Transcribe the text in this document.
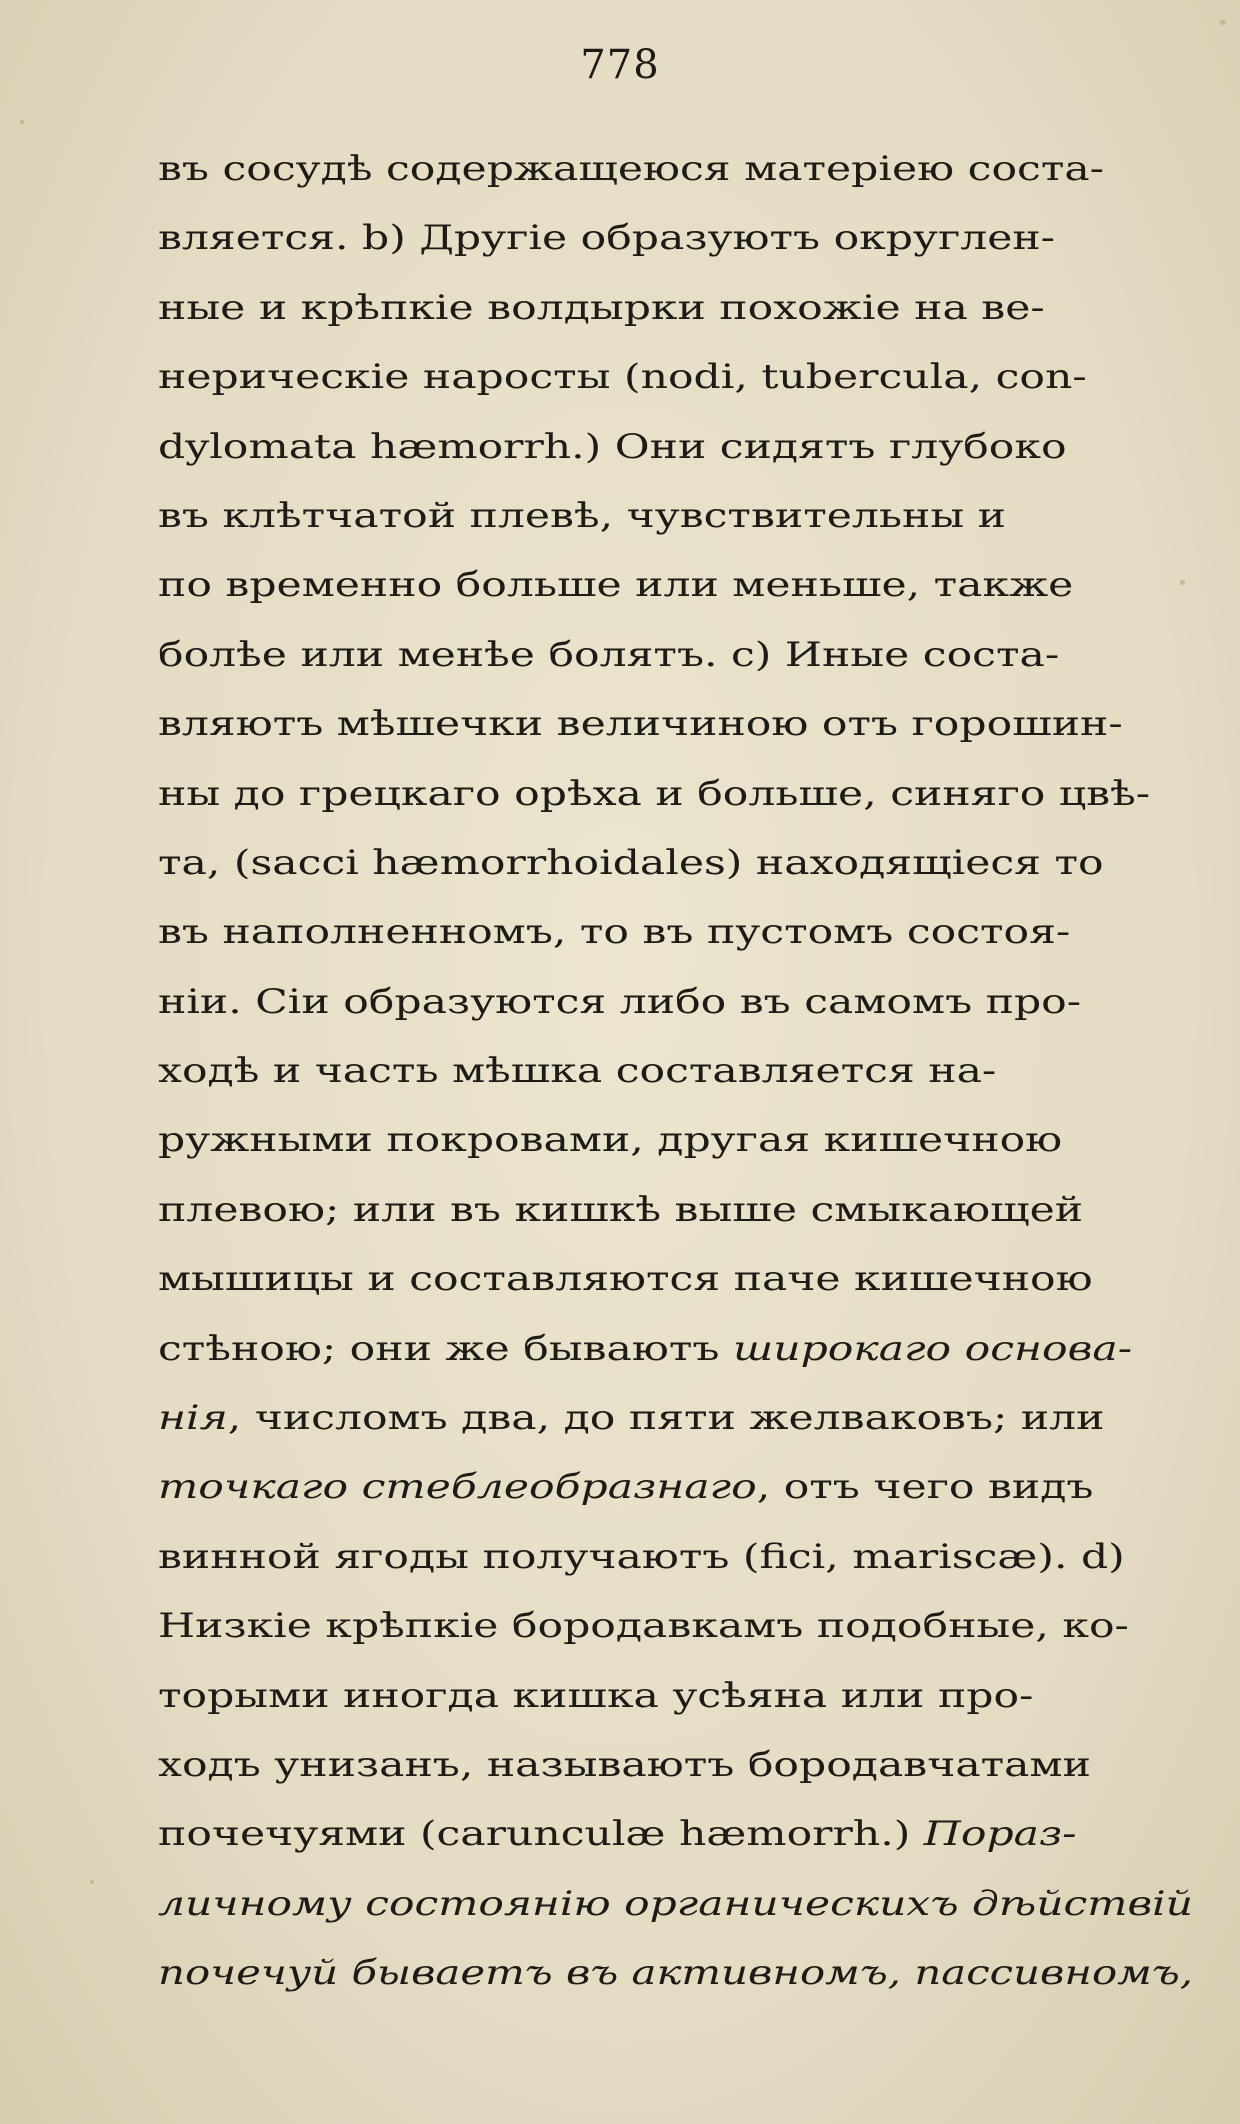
778
въ сосудѣ содержащеюся матеріею соста-
вляется. b) Другіе образуютъ округлен-
ные и крѣпкіе волдырки похожіе на ве-
нерическіе наросты (nodi, tubercula, con-
dylomata hæmorrh.) Они сидятъ глубоко
въ клѣтчатой плевѣ, чувствительны и
по временно больше или меньше, также
болѣе или менѣе болятъ. c) Иные соста-
вляютъ мѣшечки величиною отъ горошин-
ны до грецкаго орѣха и больше, синяго цвѣ-
та, (sacci hæmorrhoidales) находящіеся то
въ наполненномъ, то въ пустомъ состоя-
ніи. Сіи образуются либо въ самомъ про-
ходѣ и часть мѣшка составляется на-
ружными покровами, другая кишечною
плевою; или въ кишкѣ выше смыкающей
мышицы и составляются паче кишечною
стѣною; они же бываютъ широкаго основа-
нія, числомъ два, до пяти желваковъ; или
точкаго стеблеобразнаго, отъ чего видъ
винной ягоды получаютъ (fici, mariscæ). d)
Низкіе крѣпкіе бородавкамъ подобные, ко-
торыми иногда кишка усѣяна или про-
ходъ унизанъ, называютъ бородавчатами
почечуями (carunculæ hæmorrh.) Пораз-
личному состоянію органическихъ дѣйствій
почечуй бываетъ въ активномъ, пассивномъ,
